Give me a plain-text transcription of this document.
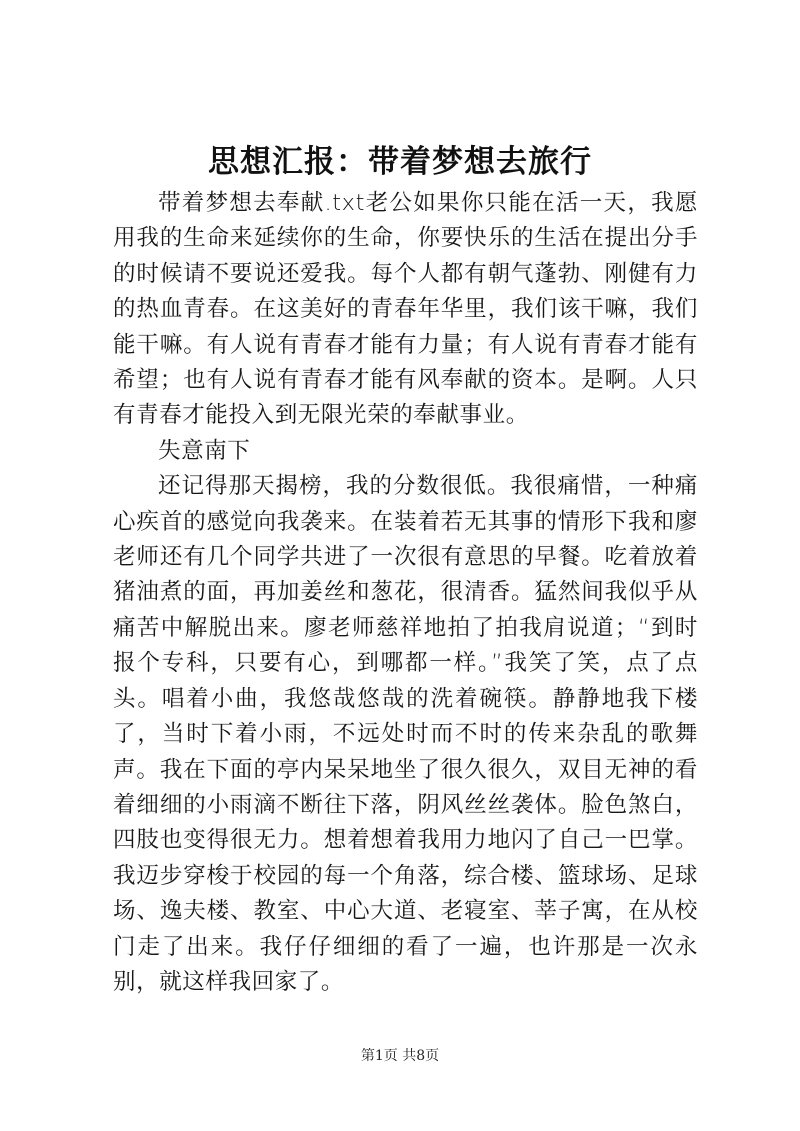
思想汇报：带着梦想去旅行

带着梦想去奉献.txt老公如果你只能在活一天，我愿用我的生命来延续你的生命，你要快乐的生活在提出分手的时候请不要说还爱我。每个人都有朝气蓬勃、刚健有力的热血青春。在这美好的青春年华里，我们该干嘛，我们能干嘛。有人说有青春才能有力量；有人说有青春才能有希望；也有人说有青春才能有风奉献的资本。是啊。人只有青春才能投入到无限光荣的奉献事业。

失意南下

还记得那天揭榜，我的分数很低。我很痛惜，一种痛心疾首的感觉向我袭来。在装着若无其事的情形下我和廖老师还有几个同学共进了一次很有意思的早餐。吃着放着猪油煮的面，再加姜丝和葱花，很清香。猛然间我似乎从痛苦中解脱出来。廖老师慈祥地拍了拍我肩说道；“到时报个专科，只要有心，到哪都一样。”我笑了笑，点了点头。唱着小曲，我悠哉悠哉的洗着碗筷。静静地我下楼了，当时下着小雨，不远处时而不时的传来杂乱的歌舞声。我在下面的亭内呆呆地坐了很久很久，双目无神的看着细细的小雨滴不断往下落，阴风丝丝袭体。脸色煞白，四肢也变得很无力。想着想着我用力地闪了自己一巴掌。我迈步穿梭于校园的每一个角落，综合楼、篮球场、足球场、逸夫楼、教室、中心大道、老寝室、莘子寓，在从校门走了出来。我仔仔细细的看了一遍，也许那是一次永别，就这样我回家了。

第1页 共8页
